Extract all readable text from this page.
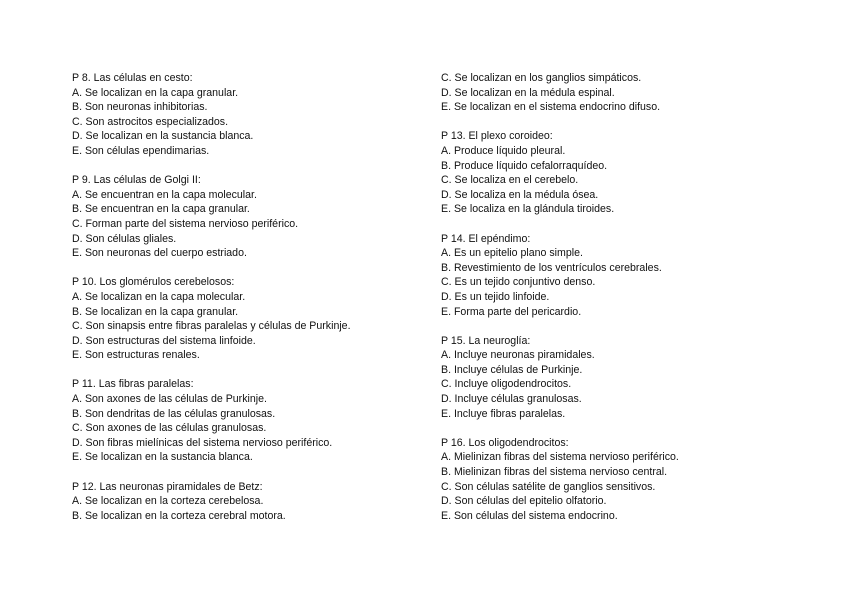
P 8. Las células en cesto:
A. Se localizan en la capa granular.
B. Son neuronas inhibitorias.
C. Son astrocitos especializados.
D. Se localizan en la sustancia blanca.
E. Son células ependimarias.
P 9. Las células de Golgi II:
A. Se encuentran en la capa molecular.
B. Se encuentran en la capa granular.
C. Forman parte del sistema nervioso periférico.
D. Son células gliales.
E. Son neuronas del cuerpo estriado.
P 10. Los glomérulos cerebelosos:
A. Se localizan en la capa molecular.
B. Se localizan en la capa granular.
C. Son sinapsis entre fibras paralelas y células de Purkinje.
D. Son estructuras del sistema linfoide.
E. Son estructuras renales.
P 11. Las fibras paralelas:
A. Son axones de las células de Purkinje.
B. Son dendritas de las células granulosas.
C. Son axones de las células granulosas.
D. Son fibras mielínicas del sistema nervioso periférico.
E. Se localizan en la sustancia blanca.
P 12. Las neuronas piramidales de Betz:
A. Se localizan en la corteza cerebelosa.
B. Se localizan en la corteza cerebral motora.
C. Se localizan en los ganglios simpáticos.
D. Se localizan en la médula espinal.
E. Se localizan en el sistema endocrino difuso.
P 13. El plexo coroideo:
A. Produce líquido pleural.
B. Produce líquido cefalorraquídeo.
C. Se localiza en el cerebelo.
D. Se localiza en la médula ósea.
E. Se localiza en la glándula tiroides.
P 14. El epéndimo:
A. Es un epitelio plano simple.
B. Revestimiento de los ventrículos cerebrales.
C. Es un tejido conjuntivo denso.
D. Es un tejido linfoide.
E. Forma parte del pericardio.
P 15. La neuroglía:
A. Incluye neuronas piramidales.
B. Incluye células de Purkinje.
C. Incluye oligodendrocitos.
D. Incluye células granulosas.
E. Incluye fibras paralelas.
P 16. Los oligodendrocitos:
A. Mielinizan fibras del sistema nervioso periférico.
B. Mielinizan fibras del sistema nervioso central.
C. Son células satélite de ganglios sensitivos.
D. Son células del epitelio olfatorio.
E. Son células del sistema endocrino.
